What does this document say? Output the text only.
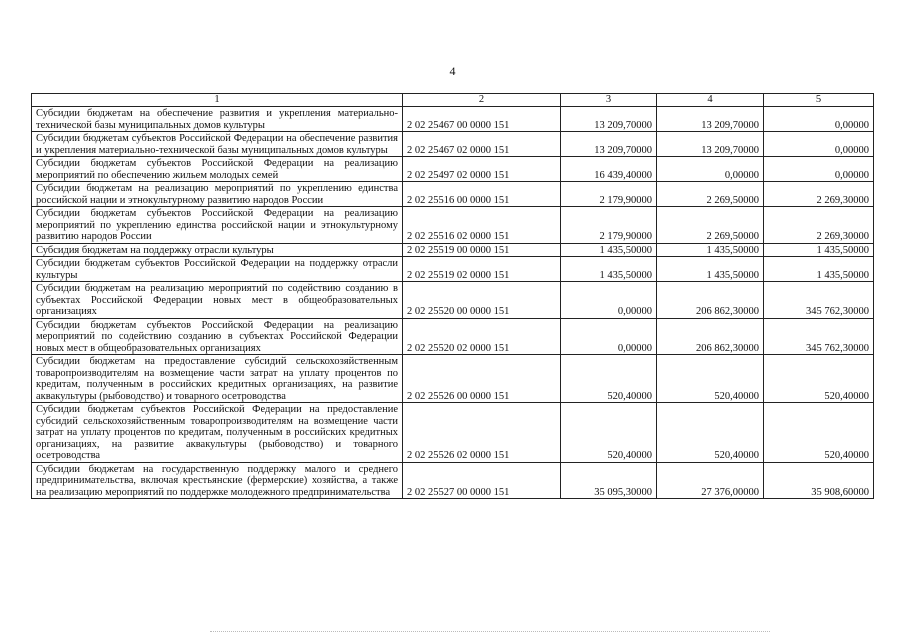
4
1	2	3	4	5
Субсидии бюджетам на обеспечение развития и укрепления материально-технической базы муниципальных домов культуры	2 02 25467 00 0000 151	13 209,70000	13 209,70000	0,00000
Субсидии бюджетам субъектов Российской Федерации на обеспечение развития и укрепления материально-технической базы муниципальных домов культуры	2 02 25467 02 0000 151	13 209,70000	13 209,70000	0,00000
Субсидии бюджетам субъектов Российской Федерации на реализацию мероприятий по обеспечению жильем молодых семей	2 02 25497 02 0000 151	16 439,40000	0,00000	0,00000
Субсидии бюджетам на реализацию мероприятий по укреплению единства российской нации и этнокультурному развитию народов России	2 02 25516 00 0000 151	2 179,90000	2 269,50000	2 269,30000
Субсидии бюджетам субъектов Российской Федерации на реализацию мероприятий по укреплению единства российской нации и этнокультурному развитию народов России	2 02 25516 02 0000 151	2 179,90000	2 269,50000	2 269,30000
Субсидия бюджетам на поддержку отрасли культуры	2 02 25519 00 0000 151	1 435,50000	1 435,50000	1 435,50000
Субсидии бюджетам субъектов Российской Федерации на поддержку отрасли культуры	2 02 25519 02 0000 151	1 435,50000	1 435,50000	1 435,50000
Субсидии бюджетам на реализацию мероприятий по содействию созданию в субъектах Российской Федерации новых мест в общеобразовательных организациях	2 02 25520 00 0000 151	0,00000	206 862,30000	345 762,30000
Субсидии бюджетам субъектов Российской Федерации на реализацию мероприятий по содействию созданию в субъектах Российской Федерации новых мест в общеобразовательных организациях	2 02 25520 02 0000 151	0,00000	206 862,30000	345 762,30000
Субсидии бюджетам на предоставление субсидий сельскохозяйственным товаропроизводителям на возмещение части затрат на уплату процентов по кредитам, полученным в российских кредитных организациях, на развитие аквакультуры (рыбоводство) и товарного осетроводства	2 02 25526 00 0000 151	520,40000	520,40000	520,40000
Субсидии бюджетам субъектов Российской Федерации на предоставление субсидий сельскохозяйственным товаропроизводителям на возмещение части затрат на уплату процентов по кредитам, полученным в российских кредитных организациях, на развитие аквакультуры (рыбоводство) и товарного осетроводства	2 02 25526 02 0000 151	520,40000	520,40000	520,40000
Субсидии бюджетам на государственную поддержку малого и среднего предпринимательства, включая крестьянские (фермерские) хозяйства, а также на реализацию мероприятий по поддержке молодежного предпринимательства	2 02 25527 00 0000 151	35 095,30000	27 376,00000	35 908,60000
